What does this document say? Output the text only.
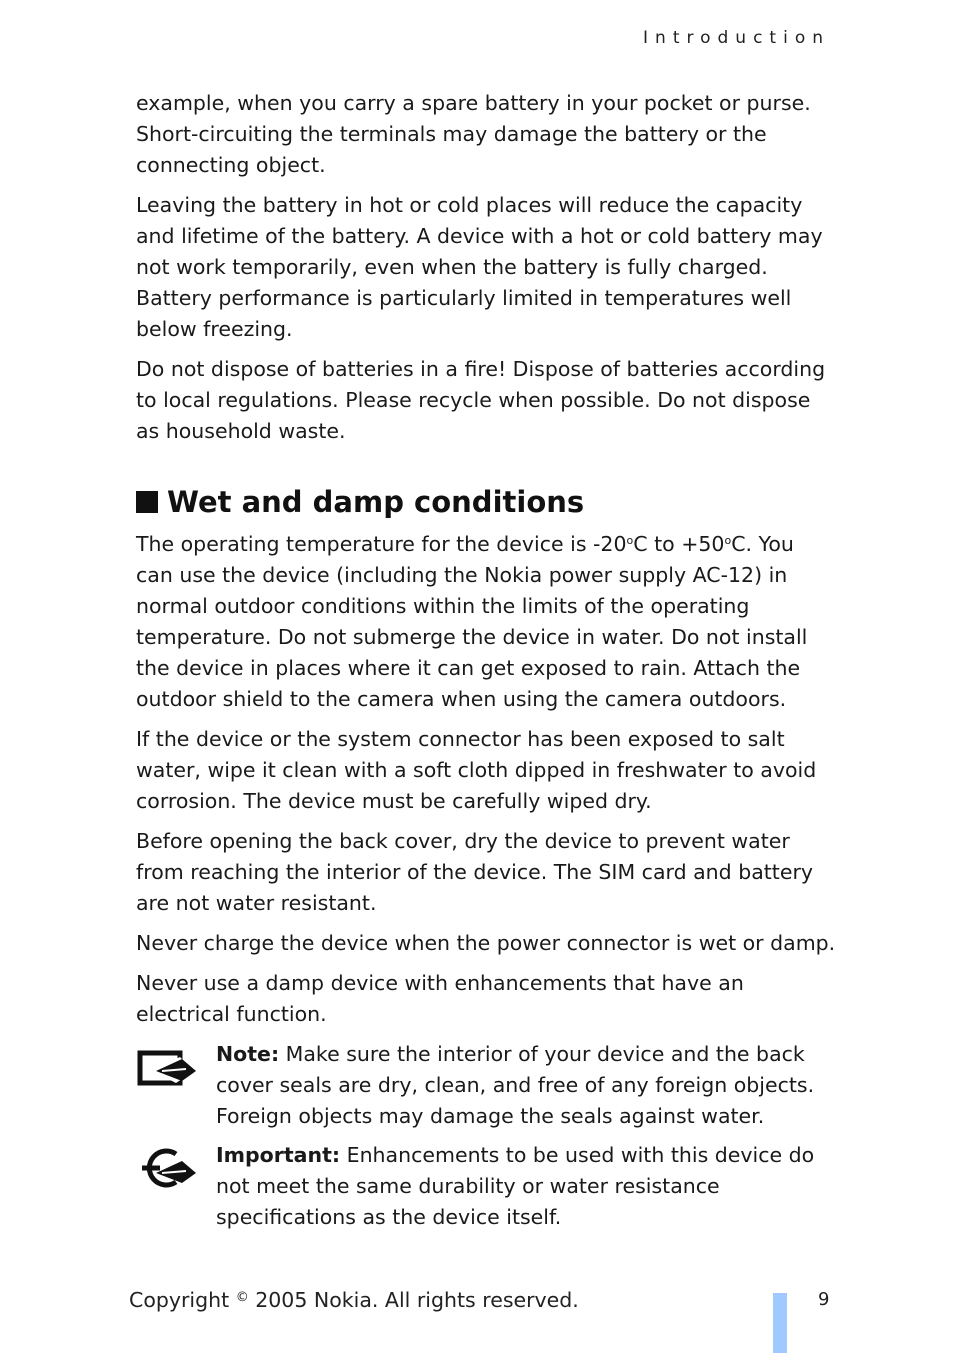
Introduction

example, when you carry a spare battery in your pocket or purse. Short-circuiting the terminals may damage the battery or the connecting object.

Leaving the battery in hot or cold places will reduce the capacity and lifetime of the battery. A device with a hot or cold battery may not work temporarily, even when the battery is fully charged. Battery performance is particularly limited in temperatures well below freezing.

Do not dispose of batteries in a fire! Dispose of batteries according to local regulations. Please recycle when possible. Do not dispose as household waste.

Wet and damp conditions

The operating temperature for the device is -20$^o$C to $+50^oC$. You can use the device (including the Nokia power supply AC-12) in normal outdoor conditions within the limits of the operating temperature. Do not submerge the device in water. Do not install the device in places where it can get exposed to rain. Attach the outdoor shield to the camera when using the camera outdoors.

If the device or the system connector has been exposed to salt water, wipe it clean with a soft cloth dipped in freshwater to avoid corrosion. The device must be carefully wiped dry.

Before opening the back cover, dry the device to prevent water from reaching the interior of the device. The SIM card and battery are not water resistant.

Never charge the device when the power connector is wet or damp.

Never use a damp device with enhancements that have an electrical function.

Note: Make sure the interior of your device and the back cover seals are dry, clean, and free of any foreign objects. Foreign objects may damage the seals against water.
Important: Enhancements to be used with this device do not meet the same durability or water resistance specifications as the device itself.
Copyright © 2005 Nokia. All rights reserved.	9
